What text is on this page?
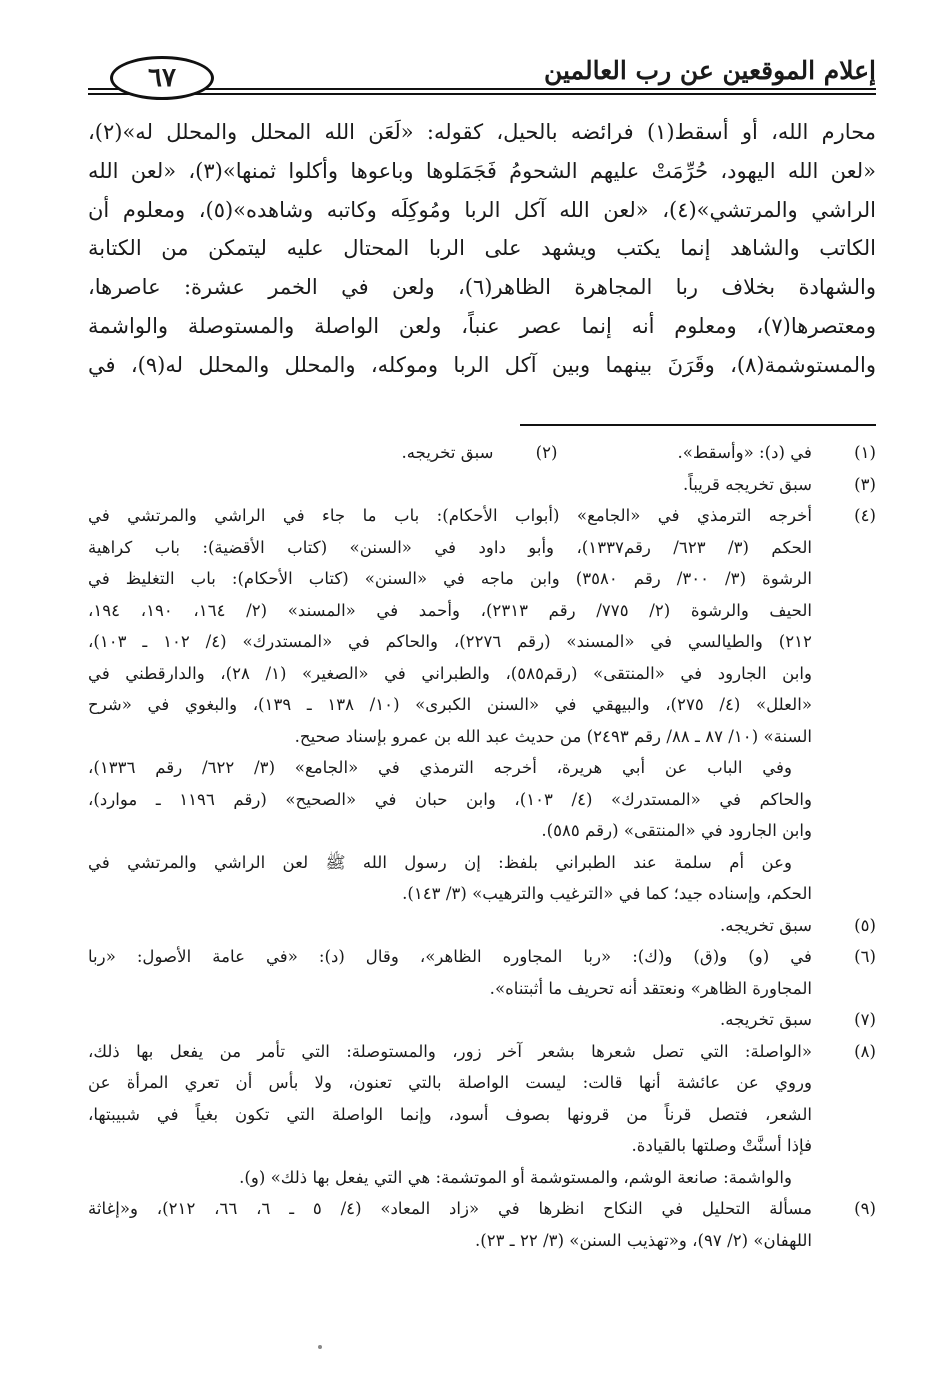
إعلام الموقعين عن رب العالمين
٦٧
محارم الله، أو أسقط(١) فرائضه بالحيل، كقوله: «لَعَن الله المحلل والمحلل له»(٢)،
«لعن الله اليهود، حُرِّمَتْ عليهم الشحومُ فَجَمَلوها وباعوها وأكلوا ثمنها»(٣)، «لعن الله
الراشي والمرتشي»(٤)، «لعن الله آكل الربا ومُوكِلَه وكاتبه وشاهده»(٥)، ومعلوم أن
الكاتب والشاهد إنما يكتب ويشهد على الربا المحتال عليه ليتمكن من الكتابة
والشهادة بخلاف ربا المجاهرة الظاهر(٦)، ولعن في الخمر عشرة: عاصرها،
ومعتصرها(٧)، ومعلوم أنه إنما عصر عنباً، ولعن الواصلة والمستوصلة والواشمة
والمستوشمة(٨)، وقَرَنَ بينهما وبين آكل الربا وموكله، والمحلل والمحلل له(٩)، في
(١)
في (د): «وأسقط».
(٢)
سبق تخريجه.
(٣)
سبق تخريجه قريباً.
(٤)
أخرجه الترمذي في «الجامع» (أبواب الأحكام): باب ما جاء في الراشي والمرتشي في
الحكم (٣/ ٦٢٣/ رقم١٣٣٧)، وأبو داود في «السنن» (كتاب الأقضية): باب كراهية
الرشوة (٣/ ٣٠٠/ رقم ٣٥٨٠) وابن ماجه في «السنن» (كتاب الأحكام): باب التغليظ في
الحيف والرشوة (٢/ ٧٧٥/ رقم ٢٣١٣)، وأحمد في «المسند» (٢/ ١٦٤، ١٩٠، ١٩٤،
٢١٢) والطيالسي في «المسند» (رقم ٢٢٧٦)، والحاكم في «المستدرك» (٤/ ١٠٢ ـ ١٠٣)،
وابن الجارود في «المنتقى» (رقم٥٨٥)، والطبراني في «الصغير» (١/ ٢٨)، والدارقطني في
«العلل» (٤/ ٢٧٥)، والبيهقي في «السنن الكبرى» (١٠/ ١٣٨ ـ ١٣٩)، والبغوي في «شرح
السنة» (١٠/ ٨٧ ـ ٨٨/ رقم ٢٤٩٣) من حديث عبد الله بن عمرو بإسناد صحيح.
وفي الباب عن أبي هريرة، أخرجه الترمذي في «الجامع» (٣/ ٦٢٢/ رقم ١٣٣٦)،
والحاكم في «المستدرك» (٤/ ١٠٣)، وابن حبان في «الصحيح» (رقم ١١٩٦ ـ موارد)،
وابن الجارود في «المنتقى» (رقم ٥٨٥).
وعن أم سلمة عند الطبراني بلفظ: إن رسول الله ﷺ لعن الراشي والمرتشي في
الحكم، وإسناده جيد؛ كما في «الترغيب والترهيب» (٣/ ١٤٣).
(٥)
سبق تخريجه.
(٦)
في (و) و(ق) و(ك): «ربا المجاوره الظاهر»، وقال (د): «في عامة الأصول: «ربا
المجاورة الظاهر» ونعتقد أنه تحريف ما أثبتناه».
(٧)
سبق تخريجه.
(٨)
«الواصلة: التي تصل شعرها بشعر آخر زور، والمستوصلة: التي تأمر من يفعل بها ذلك،
وروي عن عائشة أنها قالت: ليست الواصلة بالتي تعنون، ولا بأس أن تعري المرأة عن
الشعر، فتصل قرناً من قرونها بصوف أسود، وإنما الواصلة التي تكون بغياً في شبيبتها،
فإذا أسنَّتْ وصلتها بالقيادة.
والواشمة: صانعة الوشم، والمستوشمة أو الموتشمة: هي التي يفعل بها ذلك» (و).
(٩)
مسألة التحليل في النكاح انظرها في «زاد المعاد» (٤/ ٥ ـ ٦، ٦٦، ٢١٢)، و«إغاثة
اللهفان» (٢/ ٩٧)، و«تهذيب السنن» (٣/ ٢٢ ـ ٢٣).
